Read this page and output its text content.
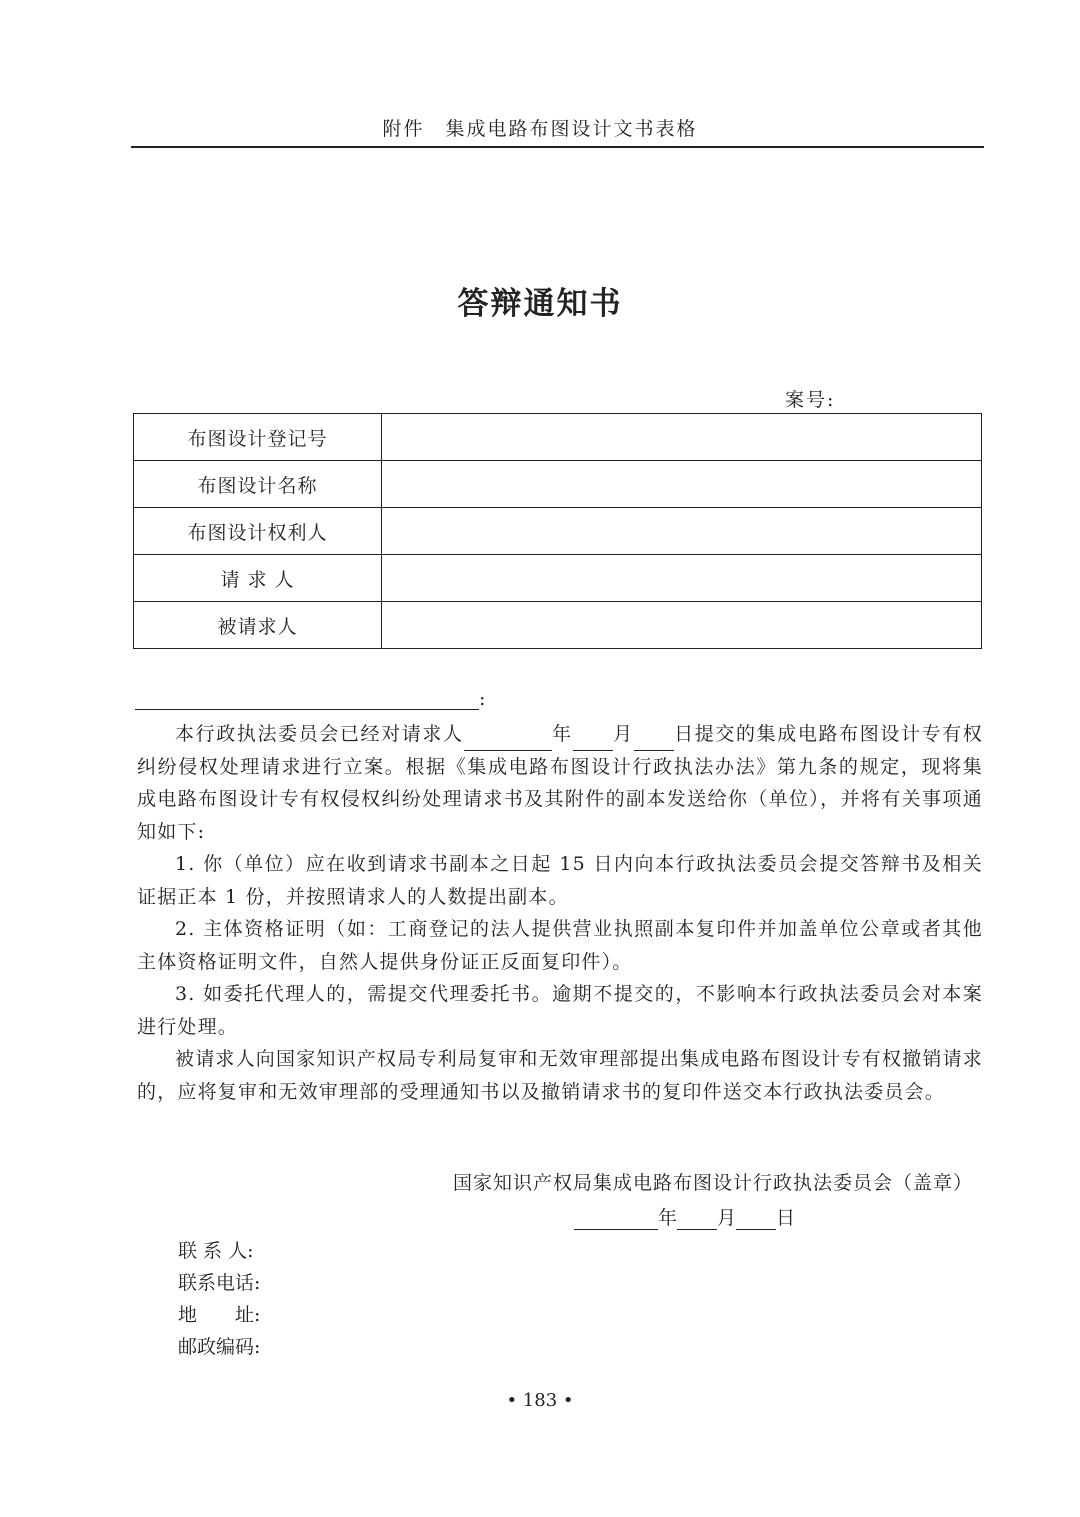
附件　集成电路布图设计文书表格
答辩通知书
案号:
布图设计登记号	
布图设计名称	
布图设计权利人	
请 求 人	
被请求人	
:

本行政执法委员会已经对请求人	年 月 日提交的集成电路布图设计专有权纠纷侵权处理请求进行立案。根据《集成电路布图设计行政执法办法》第九条的规定，现将集成电路布图设计专有权侵权纠纷处理请求书及其附件的副本发送给你（单位），并将有关事项通知如下:

1. 你（单位）应在收到请求书副本之日起 15 日内向本行政执法委员会提交答辩书及相关证据正本 1 份，并按照请求人的人数提出副本。

2. 主体资格证明（如：工商登记的法人提供营业执照副本复印件并加盖单位公章或者其他主体资格证明文件，自然人提供身份证正反面复印件）。

3. 如委托代理人的，需提交代理委托书。逾期不提交的，不影响本行政执法委员会对本案进行处理。

被请求人向国家知识产权局专利局复审和无效审理部提出集成电路布图设计专有权撤销请求的，应将复审和无效审理部的受理通知书以及撤销请求书的复印件送交本行政执法委员会。

国家知识产权局集成电路布图设计行政执法委员会（盖章）
年 月 日
联 系 人:
联系电话:
地　　址:
邮政编码:
• 183 •
